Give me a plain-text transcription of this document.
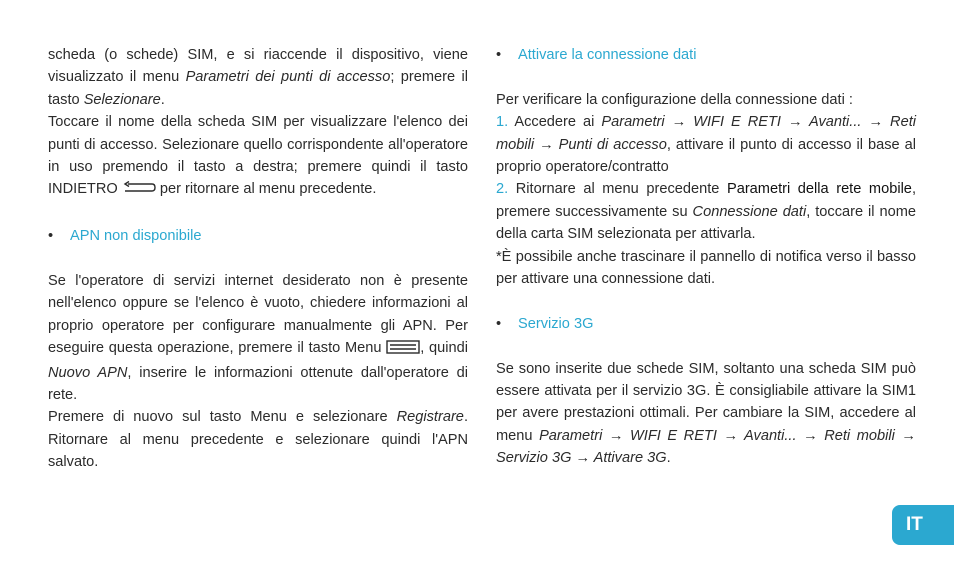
scheda (o schede) SIM, e si riaccende il dispositivo, viene visualizzato il menu Parametri dei punti di accesso; premere il tasto Selezionare.

Toccare il nome della scheda SIM per visualizzare l'elenco dei punti di accesso. Selezionare quello corrispondente all'operatore in uso premendo il tasto a destra; premere quindi il tasto INDIETRO  per ritornare al menu precedente.

• APN non disponibile

Se l'operatore di servizi internet desiderato non è presente nell'elenco oppure se l'elenco è vuoto, chiedere informazioni al proprio operatore per configurare manualmente gli APN. Per eseguire questa operazione, premere il tasto Menu , quindi Nuovo APN, inserire le informazioni ottenute dall'operatore di rete.

Premere di nuovo sul tasto Menu e selezionare Registrare. Ritornare al menu precedente e selezionare quindi l'APN salvato.

• Attivare la connessione dati

Per verificare la configurazione della connessione dati :

1. Accedere ai Parametri → WIFI E RETI → Avanti... → Reti mobili → Punti di accesso, attivare il punto di accesso il base al proprio operatore/contratto

2. Ritornare al menu precedente Parametri della rete mobile, premere successivamente su Connessione dati, toccare il nome della carta SIM selezionata per attivarla.

*È possibile anche trascinare il pannello di notifica verso il basso per attivare una connessione dati.

• Servizio 3G

Se sono inserite due schede SIM, soltanto una scheda SIM può essere attivata per il servizio 3G. È consigliabile attivare la SIM1 per avere prestazioni ottimali. Per cambiare la SIM, accedere al menu Parametri → WIFI E RETI → Avanti... → Reti mobili → Servizio 3G → Attivare 3G.

IT
